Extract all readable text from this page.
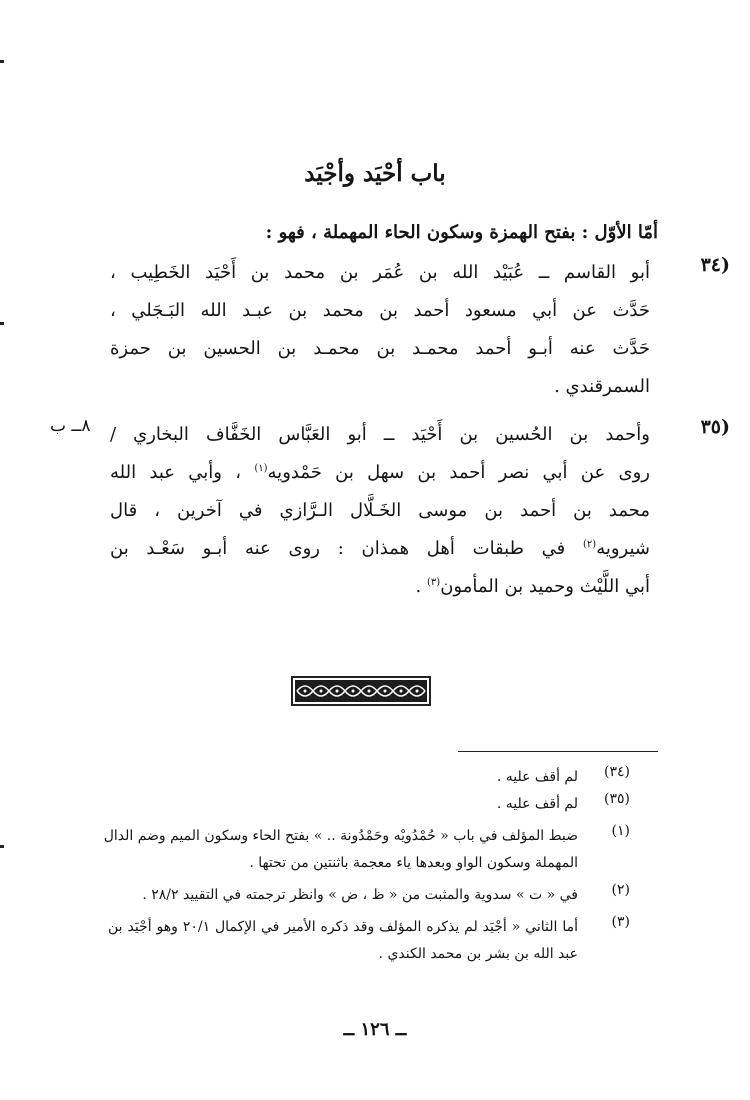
باب أحْيَد وأجْيَد
أمّا الأوّل : بفتح الهمزة وسكون الحاء المهملة ، فهو :
(٣٤
أبو القاسم ــ عُبَيْد الله بن عُمَر بن محمد بن أَحْيَد الخَطِيب ،
حَدَّث عن أبي مسعود أحمد بن محمد بن عبـد الله البَـجَلي ،
حَدَّث عنه أبـو أحمد محمـد بن محمـد بن الحسين بن حمزة
السمرقندي .
(٣٥
٨ــ ب وأحمد بن الحُسين بن أَحْيَد ــ أبو العَبَّاس الخَفَّاف البخاري /
روى عن أبي نصر أحمد بن سهل بن حَمْدويه$^{(١)}$ ، وأبي عبد الله
محمد بن أحمد بن موسى الخَـلَّال الـرَّازي في آخرين ، قال
شيرويه$^{(٢)}$ في طبقات أهل همذان : روى عنه أبـو سَعْـد بن
أبي اللَّيْث وحميد بن المأمون$^{(٣)}$ .
(٣٤)
لم أقف عليه .
(٣٥)
لم أقف عليه .
(١)
ضبط المؤلف في باب « حُمْدُويْه وحَمْدُونة .. » بفتح الحاء وسكون الميم وضم الدال
المهملة وسكون الواو وبعدها ياء معجمة باثنتين من تحتها .
(٢)
في « ت » سدوية والمثبت من « ظ ، ض » وانظر ترجمته في التقييد ٢٨/٢ .
(٣)
أما الثاني « أجْيَد لم يذكره المؤلف وقد ذكره الأمير في الإكمال ٢٠/١ وهو أجْيَد بن
عبد الله بن بشر بن محمد الكندي .
ــ ١٢٦ ــ
